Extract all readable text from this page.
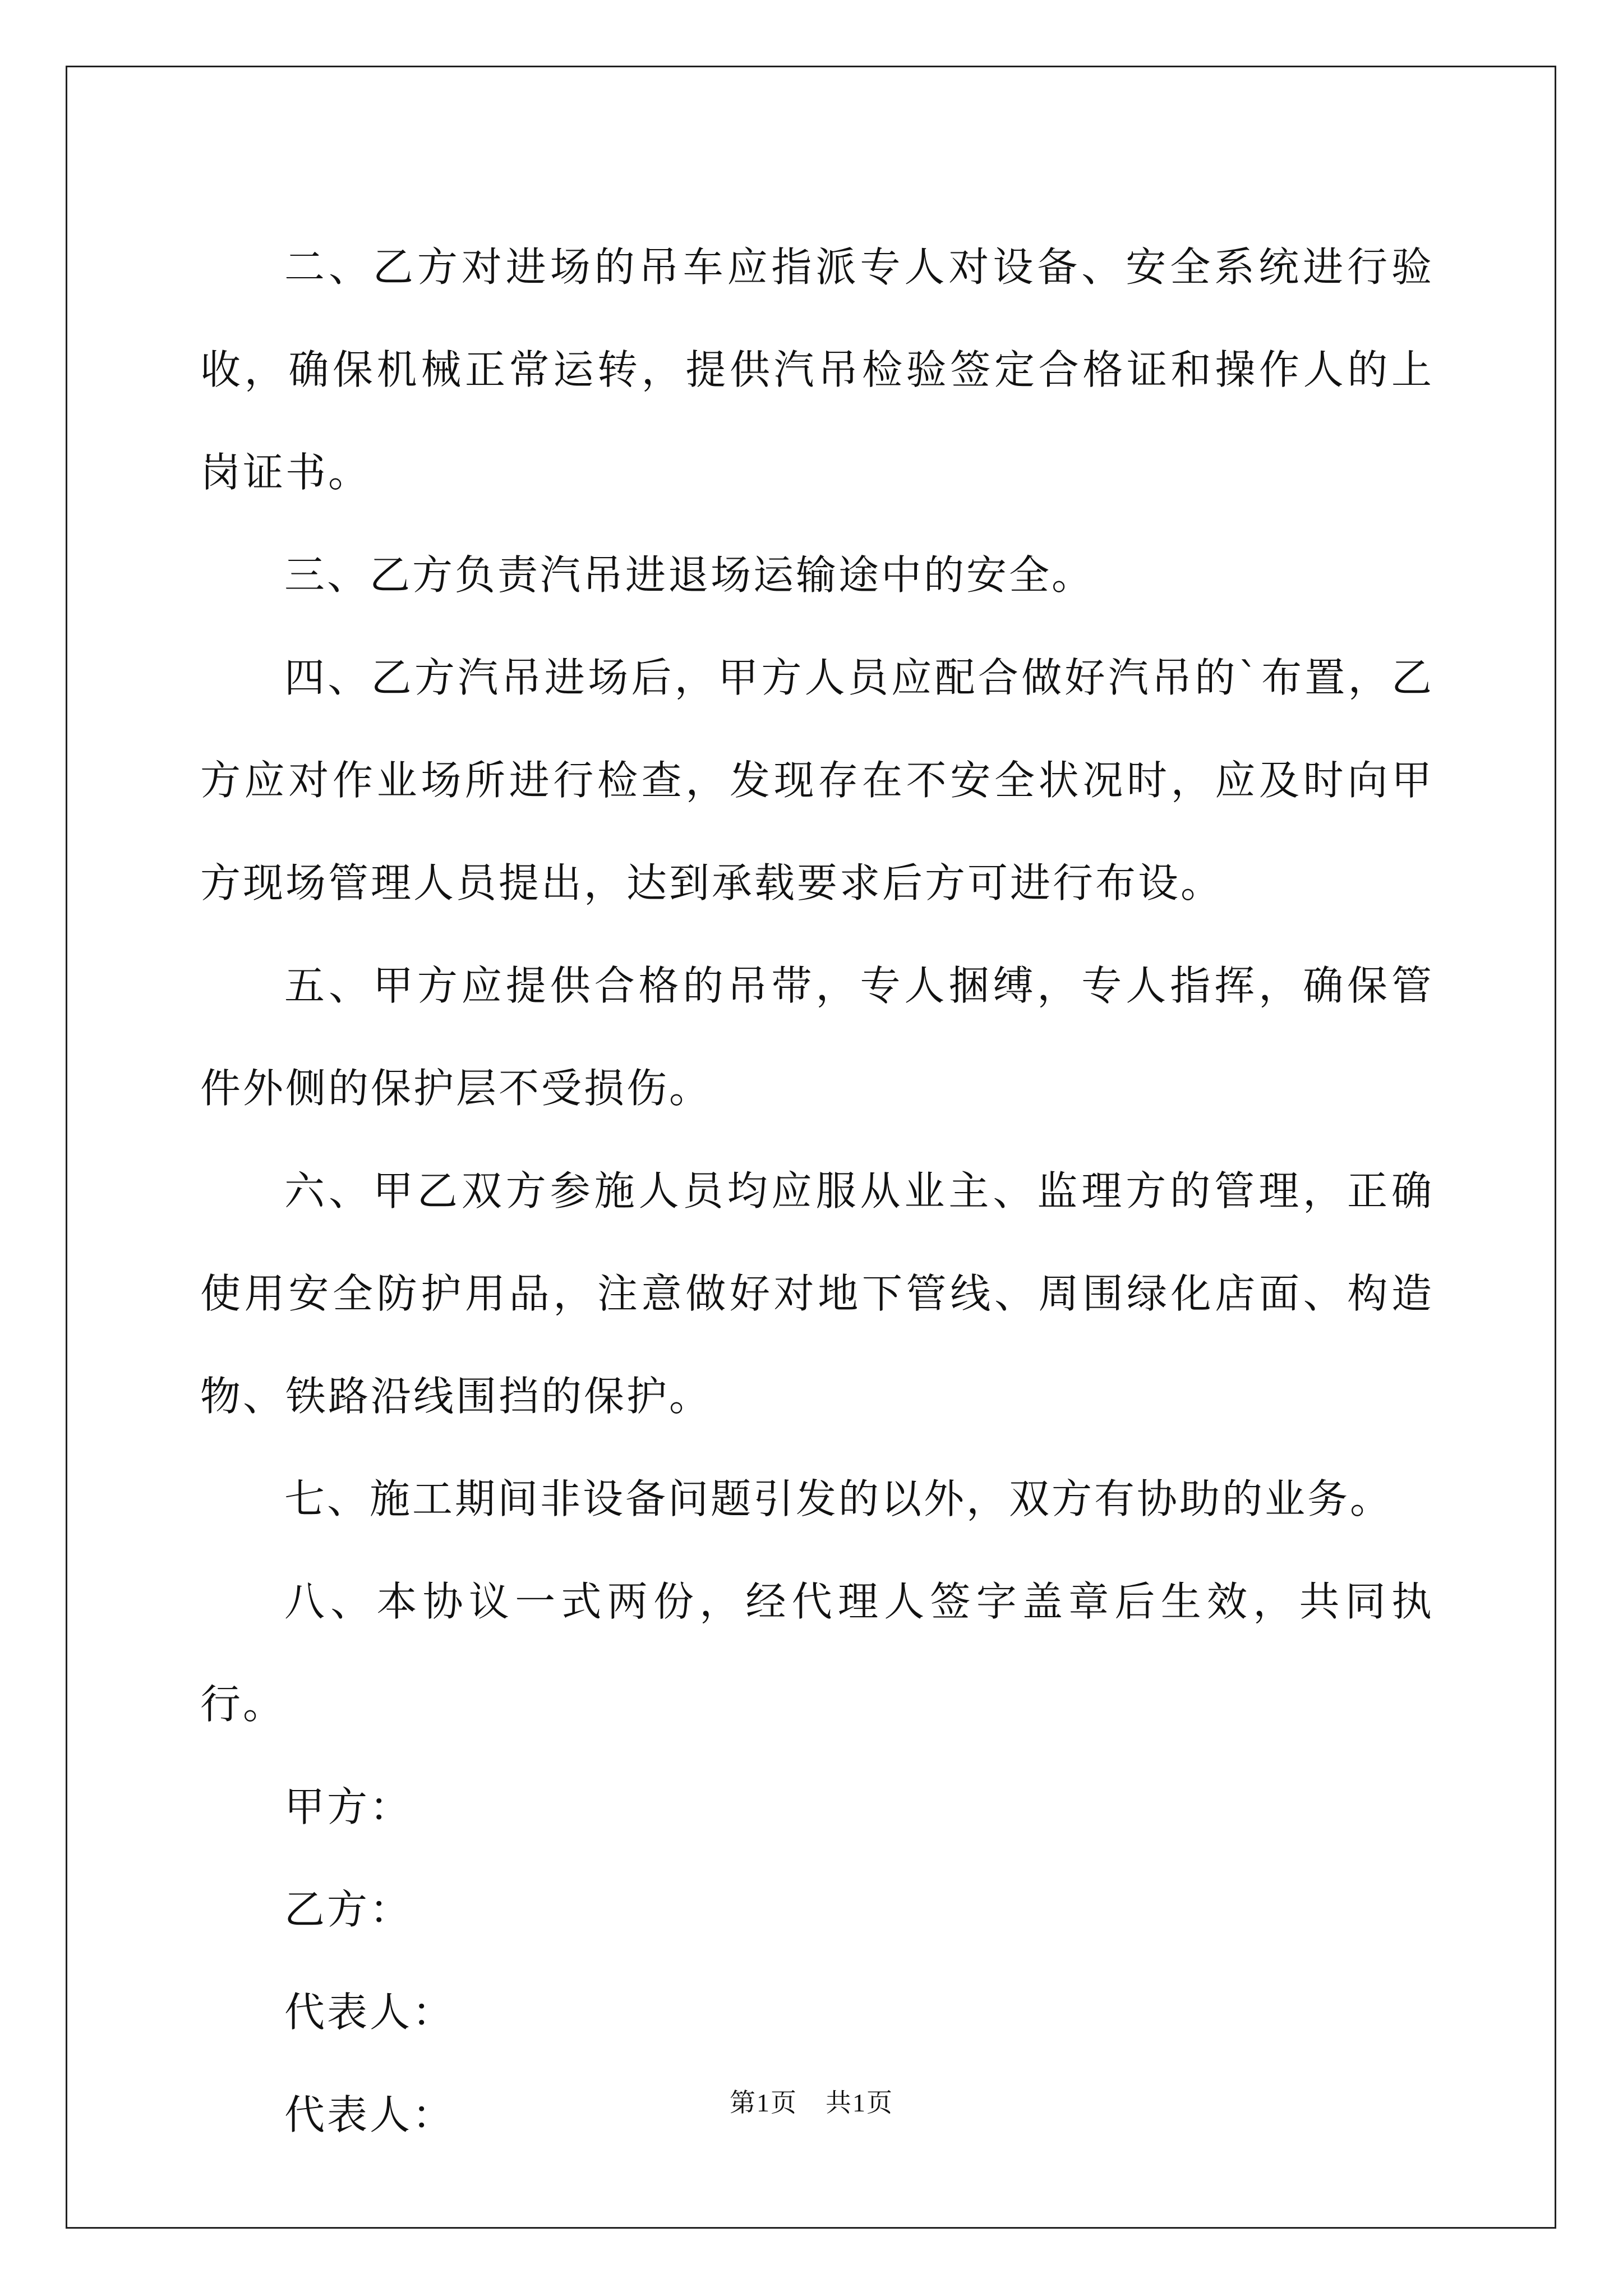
二、乙方对进场的吊车应指派专人对设备、安全系统进行验收，确保机械正常运转，提供汽吊检验签定合格证和操作人的上岗证书。

三、乙方负责汽吊进退场运输途中的安全。

四、乙方汽吊进场后，甲方人员应配合做好汽吊的`布置，乙方应对作业场所进行检查，发现存在不安全状况时，应及时向甲方现场管理人员提出，达到承载要求后方可进行布设。

五、甲方应提供合格的吊带，专人捆缚，专人指挥，确保管件外侧的保护层不受损伤。

六、甲乙双方参施人员均应服从业主、监理方的管理，正确使用安全防护用品，注意做好对地下管线、周围绿化店面、构造物、铁路沿线围挡的保护。

七、施工期间非设备问题引发的以外，双方有协助的业务。

八、本协议一式两份，经代理人签字盖章后生效，共同执行。

甲方：

乙方：

代表人：

代表人：	第1页 共1页
